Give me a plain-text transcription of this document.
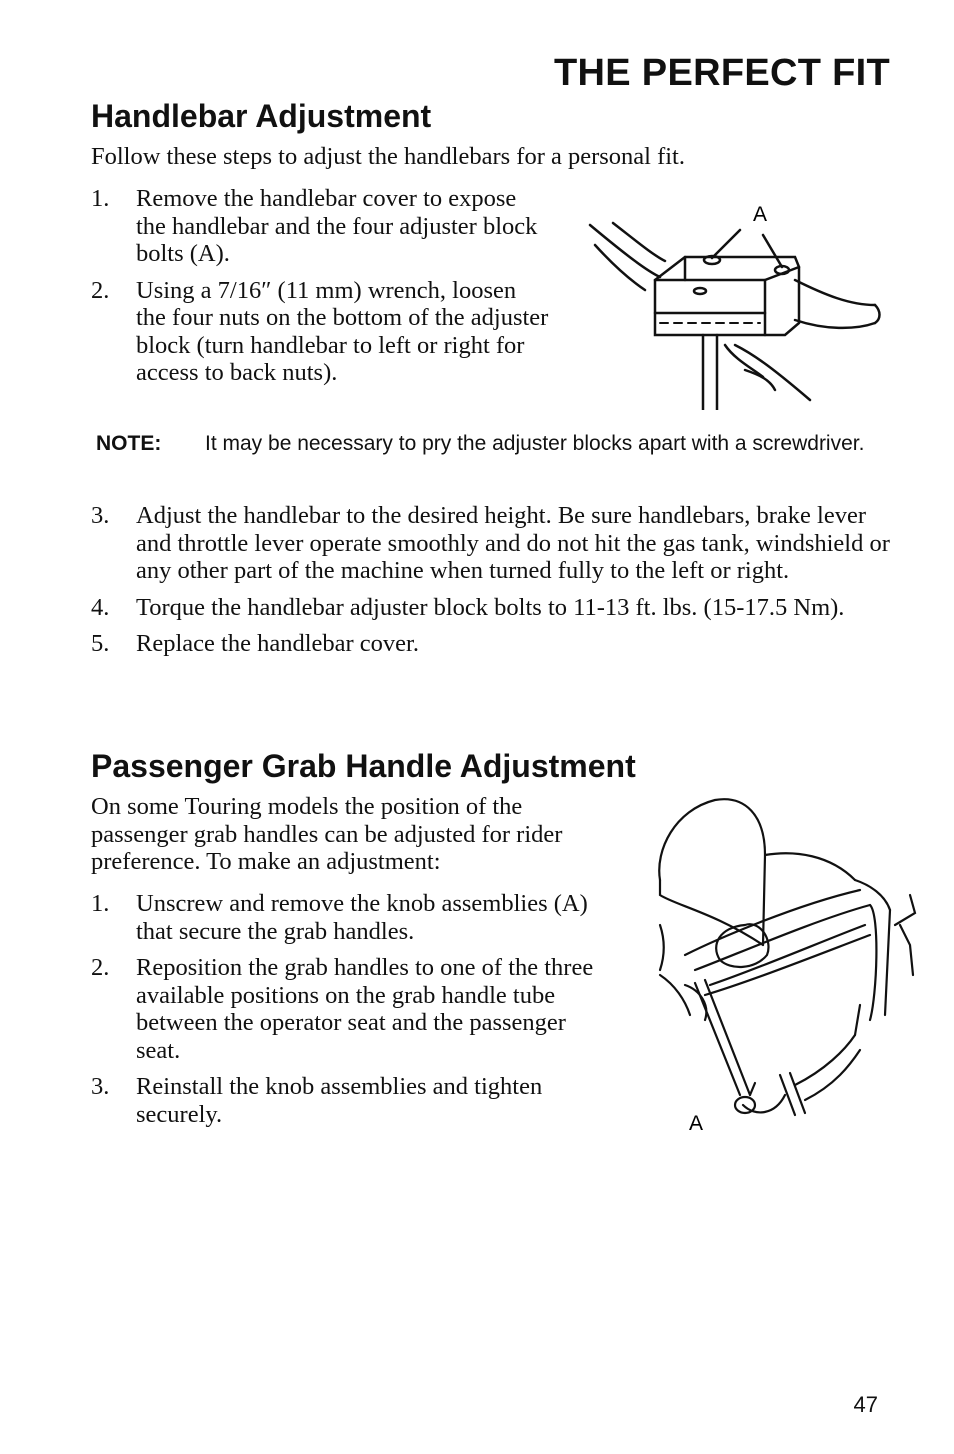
THE PERFECT FIT
Handlebar Adjustment

Follow these steps to adjust the handlebars for a personal fit.

1. Remove the handlebar cover to expose the handlebar and the four adjuster block bolts (A).
2. Using a 7/16″ (11 mm) wrench, loosen the four nuts on the bottom of the adjuster block (turn handlebar to left or right for access to back nuts).
A
NOTE: It may be necessary to pry the adjuster blocks apart with a screwdriver.
3. Adjust the handlebar to the desired height. Be sure handlebars, brake lever and throttle lever operate smoothly and do not hit the gas tank, windshield or any other part of the machine when turned fully to the left or right.
4. Torque the handlebar adjuster block bolts to 11-13 ft. lbs. (15-17.5 Nm).
5. Replace the handlebar cover.
Passenger Grab Handle Adjustment

On some Touring models the position of the passenger grab handles can be adjusted for rider preference. To make an adjustment:

1. Unscrew and remove the knob assemblies (A) that secure the grab handles.
2. Reposition the grab handles to one of the three available positions on the grab handle tube between the operator seat and the passenger seat.
3. Reinstall the knob assemblies and tighten securely.	A
47
